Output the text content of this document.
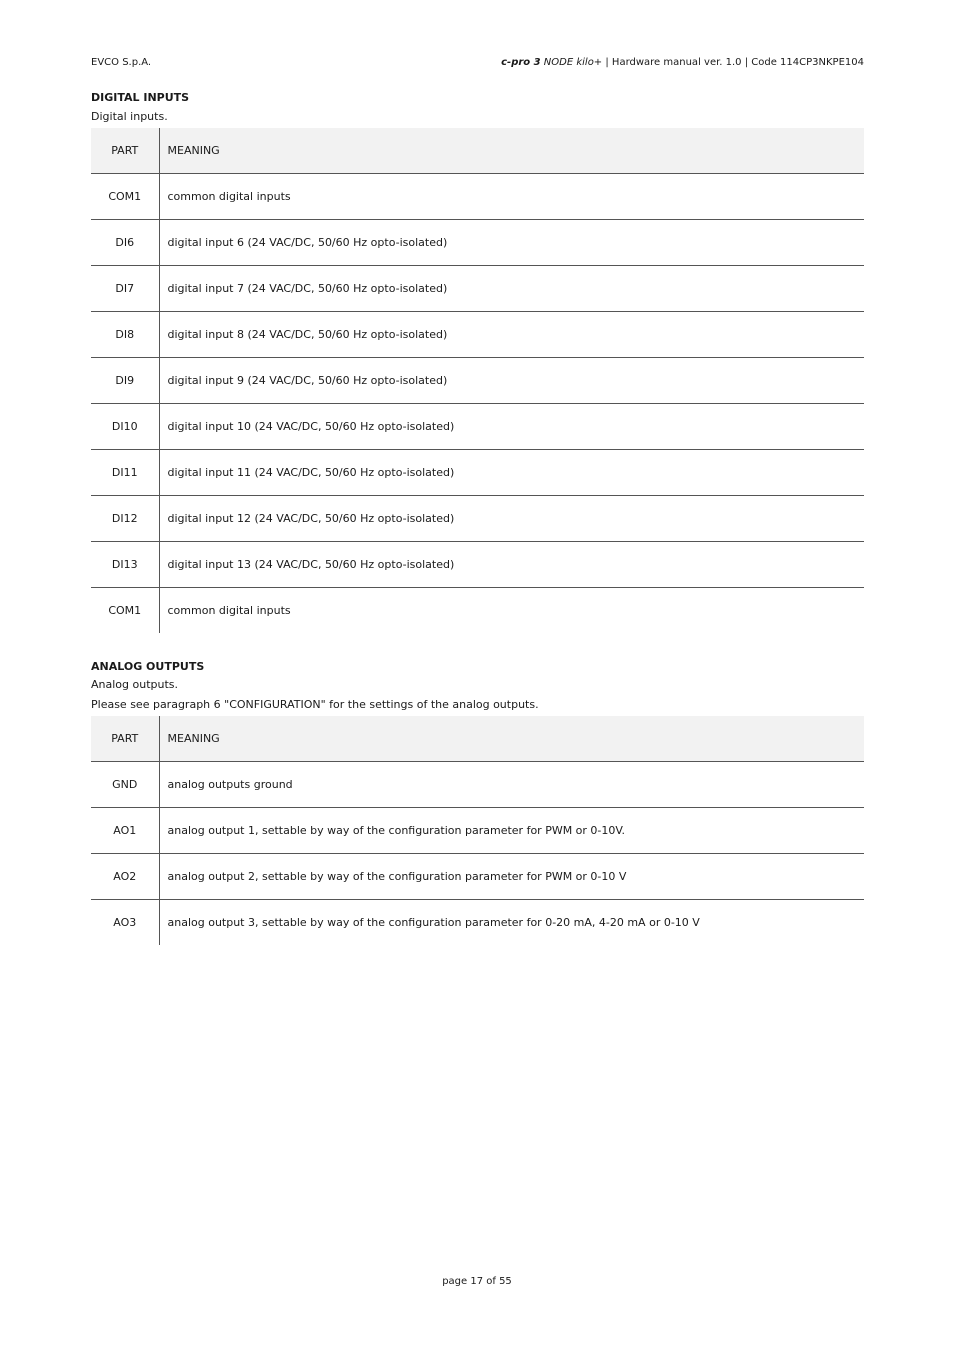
EVCO S.p.A.	c-pro 3 NODE kilo+ | Hardware manual ver. 1.0 | Code 114CP3NKPE104

DIGITAL INPUTS

Digital inputs.

PART	MEANING
COM1	common digital inputs
DI6	digital input 6 (24 VAC/DC, 50/60 Hz opto-isolated)
DI7	digital input 7 (24 VAC/DC, 50/60 Hz opto-isolated)
DI8	digital input 8 (24 VAC/DC, 50/60 Hz opto-isolated)
DI9	digital input 9 (24 VAC/DC, 50/60 Hz opto-isolated)
DI10	digital input 10 (24 VAC/DC, 50/60 Hz opto-isolated)
DI11	digital input 11 (24 VAC/DC, 50/60 Hz opto-isolated)
DI12	digital input 12 (24 VAC/DC, 50/60 Hz opto-isolated)
DI13	digital input 13 (24 VAC/DC, 50/60 Hz opto-isolated)
COM1	common digital inputs

ANALOG OUTPUTS

Analog outputs.

Please see paragraph 6 "CONFIGURATION" for the settings of the analog outputs.

PART	MEANING
GND	analog outputs ground
AO1	analog output 1, settable by way of the configuration parameter for PWM or 0-10V.
AO2	analog output 2, settable by way of the configuration parameter for PWM or 0-10 V
AO3	analog output 3, settable by way of the configuration parameter for 0-20 mA, 4-20 mA or 0-10 V
page 17 of 55
